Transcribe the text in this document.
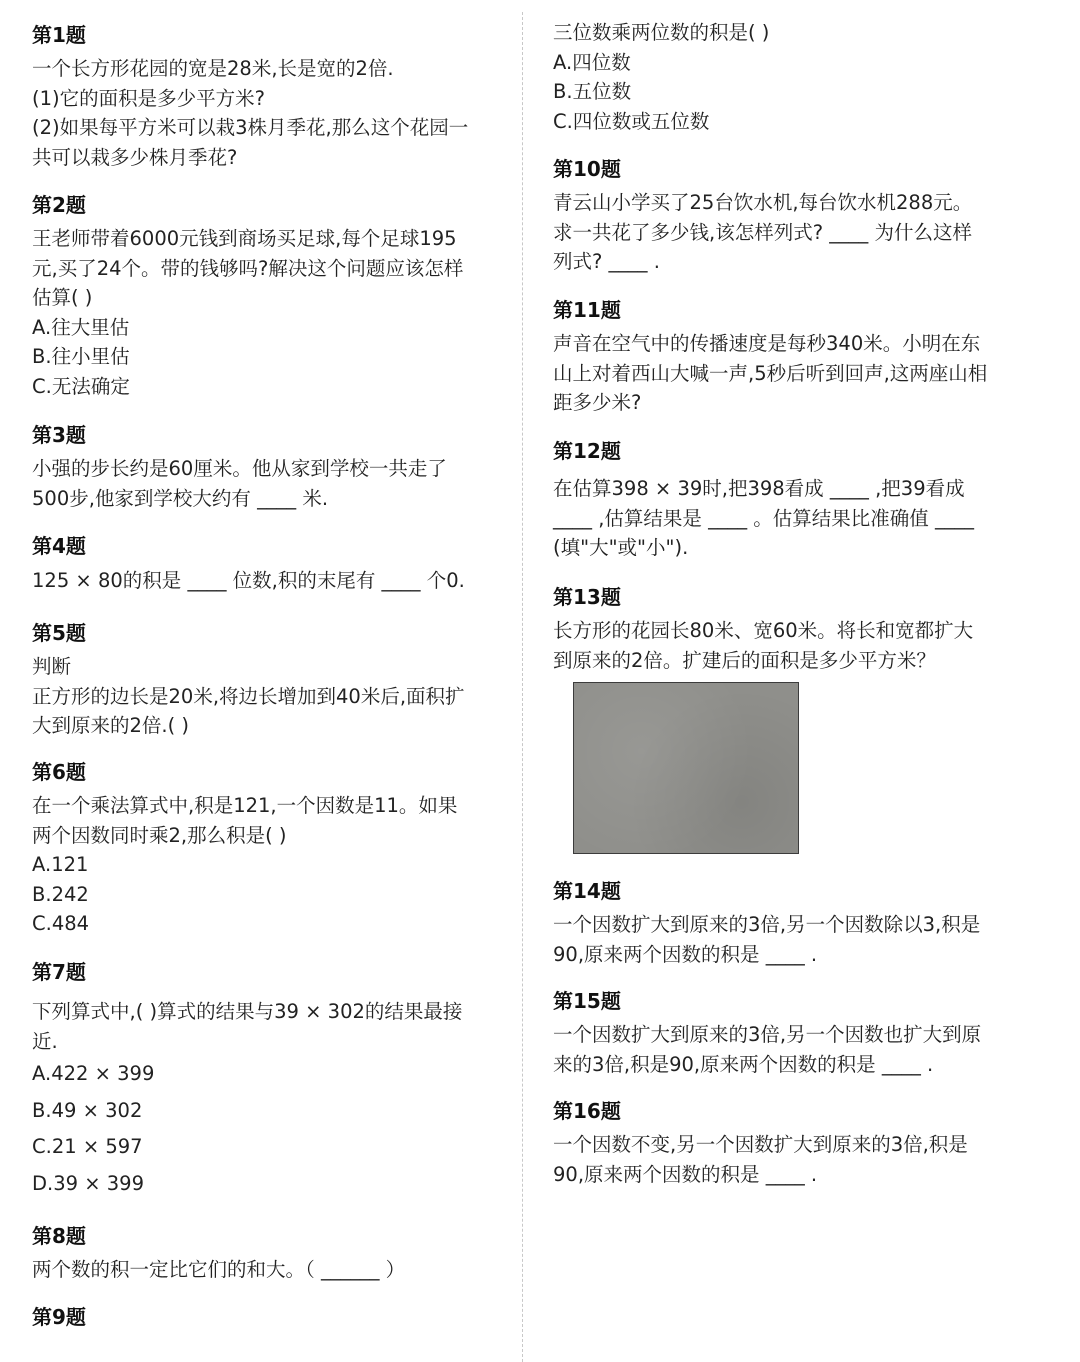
第1题
一个长方形花园的宽是28米,长是宽的2倍.
(1)它的面积是多少平方米?
(2)如果每平方米可以栽3株月季花,那么这个花园一
共可以栽多少株月季花?
第2题
王老师带着6000元钱到商场买足球,每个足球195
元,买了24个。带的钱够吗?解决这个问题应该怎样
估算( )
A.往大里估
B.往小里估
C.无法确定
第3题
小强的步长约是60厘米。他从家到学校一共走了
500步,他家到学校大约有 ____ 米.
第4题
125 × 80的积是 ____ 位数,积的末尾有 ____ 个0.
第5题
判断
正方形的边长是20米,将边长增加到40米后,面积扩
大到原来的2倍.( )
第6题
在一个乘法算式中,积是121,一个因数是11。如果
两个因数同时乘2,那么积是( )
A.121
B.242
C.484
第7题
下列算式中,( )算式的结果与39 × 302的结果最接
近.
A.422 × 399
B.49 × 302
C.21 × 597
D.39 × 399
第8题
两个数的积一定比它们的和大。（ ______ ）
第9题
三位数乘两位数的积是( )
A.四位数
B.五位数
C.四位数或五位数
第10题
青云山小学买了25台饮水机,每台饮水机288元。
求一共花了多少钱,该怎样列式? ____ 为什么这样
列式? ____ .
第11题
声音在空气中的传播速度是每秒340米。小明在东
山上对着西山大喊一声,5秒后听到回声,这两座山相
距多少米?
第12题
在估算398 × 39时,把398看成 ____ ,把39看成
____ ,估算结果是 ____ 。估算结果比准确值 ____
(填"大"或"小").
第13题
长方形的花园长80米、宽60米。将长和宽都扩大
到原来的2倍。扩建后的面积是多少平方米？
第14题
一个因数扩大到原来的3倍,另一个因数除以3,积是
90,原来两个因数的积是 ____ .
第15题
一个因数扩大到原来的3倍,另一个因数也扩大到原
来的3倍,积是90,原来两个因数的积是 ____ .
第16题
一个因数不变,另一个因数扩大到原来的3倍,积是
90,原来两个因数的积是 ____ .
